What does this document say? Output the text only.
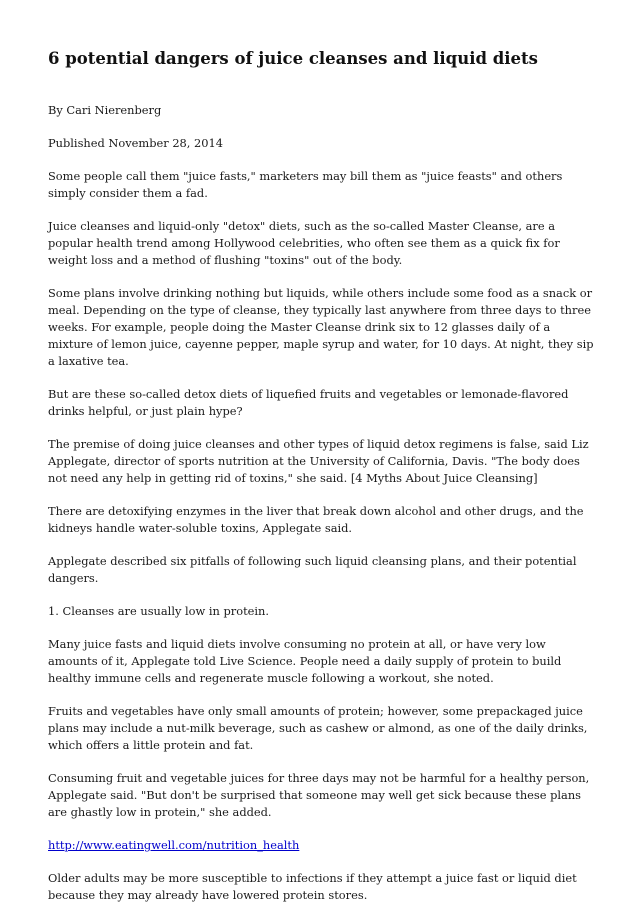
6 potential dangers of juice cleanses and liquid diets

By Cari Nierenberg

Published November 28, 2014

Some people call them "juice fasts," marketers may bill them as "juice feasts" and others simply consider them a fad.

Juice cleanses and liquid-only "detox" diets, such as the so-called Master Cleanse, are a popular health trend among Hollywood celebrities, who often see them as a quick fix for weight loss and a method of flushing "toxins" out of the body.

Some plans involve drinking nothing but liquids, while others include some food as a snack or meal. Depending on the type of cleanse, they typically last anywhere from three days to three weeks. For example, people doing the Master Cleanse drink six to 12 glasses daily of a mixture of lemon juice, cayenne pepper, maple syrup and water, for 10 days. At night, they sip a laxative tea.

But are these so-called detox diets of liquefied fruits and vegetables or lemonade-flavored drinks helpful, or just plain hype?

The premise of doing juice cleanses and other types of liquid detox regimens is false, said Liz Applegate, director of sports nutrition at the University of California, Davis. "The body does not need any help in getting rid of toxins," she said. [4 Myths About Juice Cleansing]

There are detoxifying enzymes in the liver that break down alcohol and other drugs, and the kidneys handle water-soluble toxins, Applegate said.

Applegate described six pitfalls of following such liquid cleansing plans, and their potential dangers.

1. Cleanses are usually low in protein.

Many juice fasts and liquid diets involve consuming no protein at all, or have very low amounts of it, Applegate told Live Science. People need a daily supply of protein to build healthy immune cells and regenerate muscle following a workout, she noted.

Fruits and vegetables have only small amounts of protein; however, some prepackaged juice plans may include a nut-milk beverage, such as cashew or almond, as one of the daily drinks, which offers a little protein and fat.

Consuming fruit and vegetable juices for three days may not be harmful for a healthy person, Applegate said. "But don't be surprised that someone may well get sick because these plans are ghastly low in protein," she added.

http://www.eatingwell.com/nutrition_health

Older adults may be more susceptible to infections if they attempt a juice fast or liquid diet because they may already have lowered protein stores.
